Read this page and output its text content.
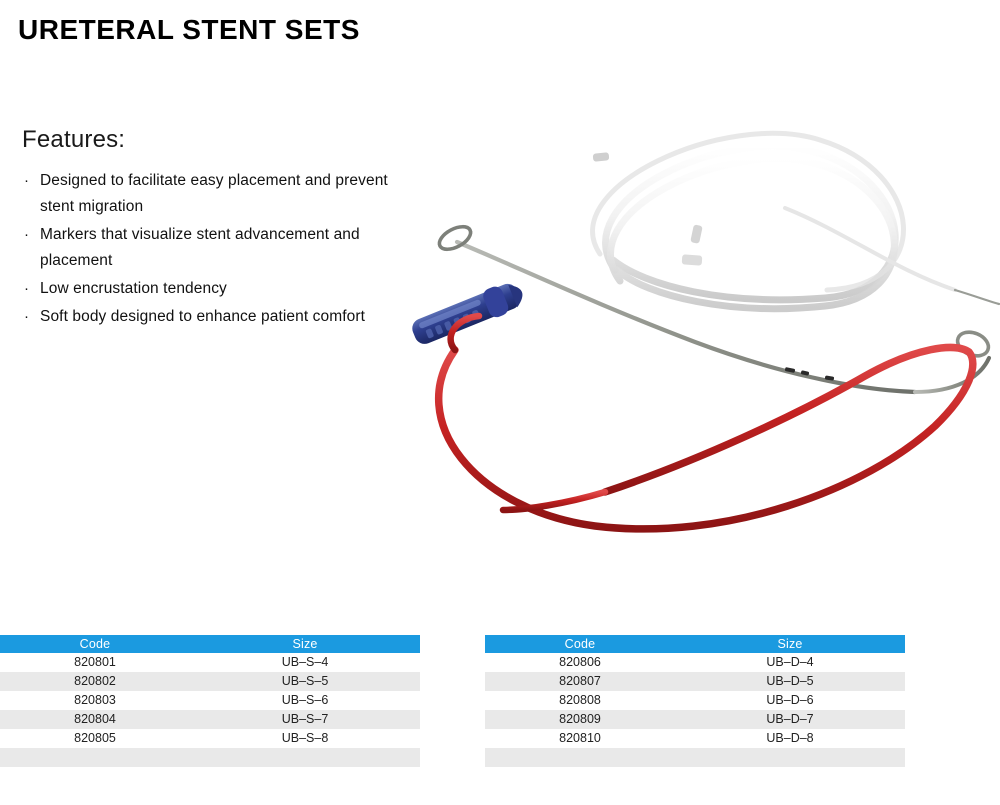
URETERAL STENT SETS
Features:
· Designed to facilitate easy placement and prevent stent migration
· Markers that visualize stent advancement and placement
· Low encrustation tendency
· Soft body designed to enhance patient comfort
Code	Size
820801	UB–S–4
820802	UB–S–5
820803	UB–S–6
820804	UB–S–7
820805	UB–S–8

Code	Size
820806	UB–D–4
820807	UB–D–5
820808	UB–D–6
820809	UB–D–7
820810	UB–D–8
